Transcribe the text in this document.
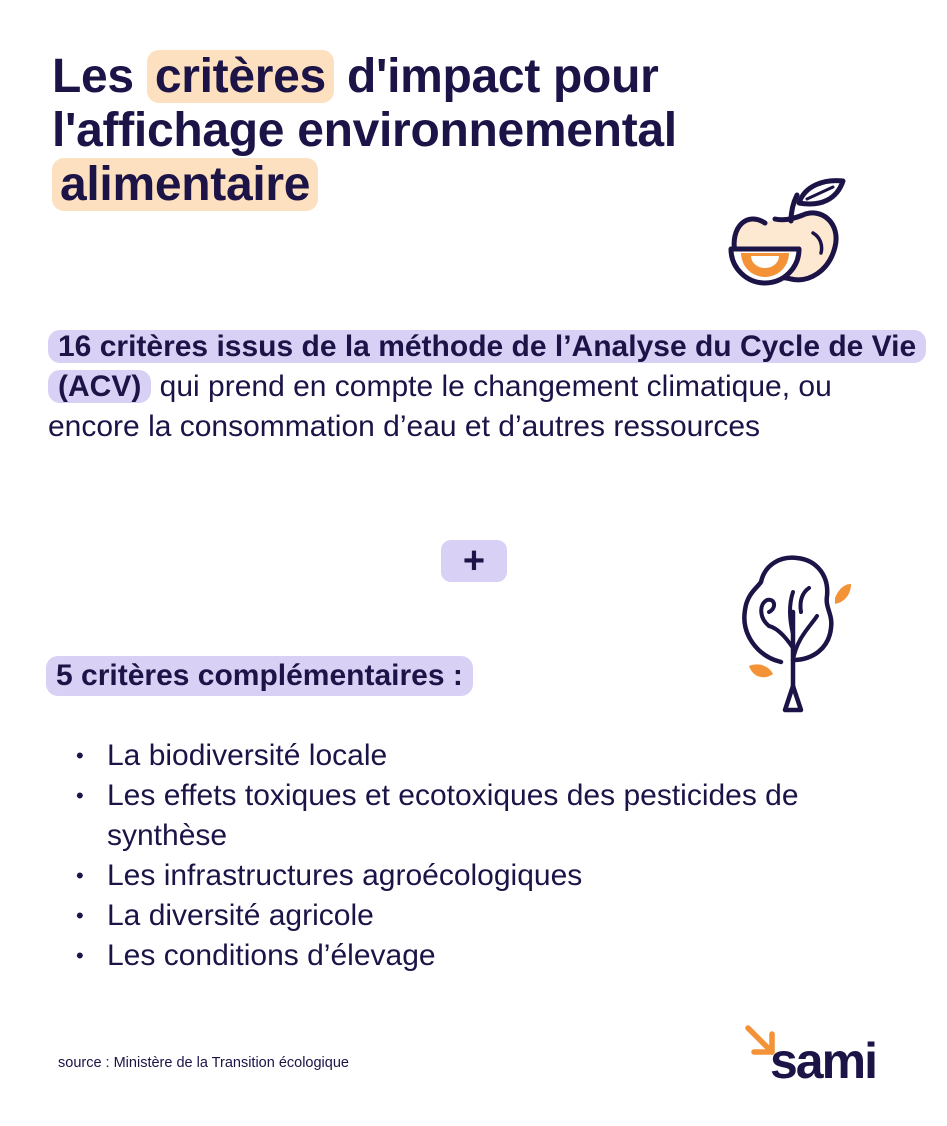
Les critères d'impact pour l'affichage environnemental alimentaire

16 critères issus de la méthode de l’Analyse du Cycle de Vie (ACV) qui prend en compte le changement climatique, ou encore la consommation d’eau et d’autres ressources

+
5 critères complémentaires :
• La biodiversité locale
• Les effets toxiques et ecotoxiques des pesticides de synthèse
• Les infrastructures agroécologiques
• La diversité agricole
• Les conditions d’élevage
source : Ministère de la Transition écologique	sami
